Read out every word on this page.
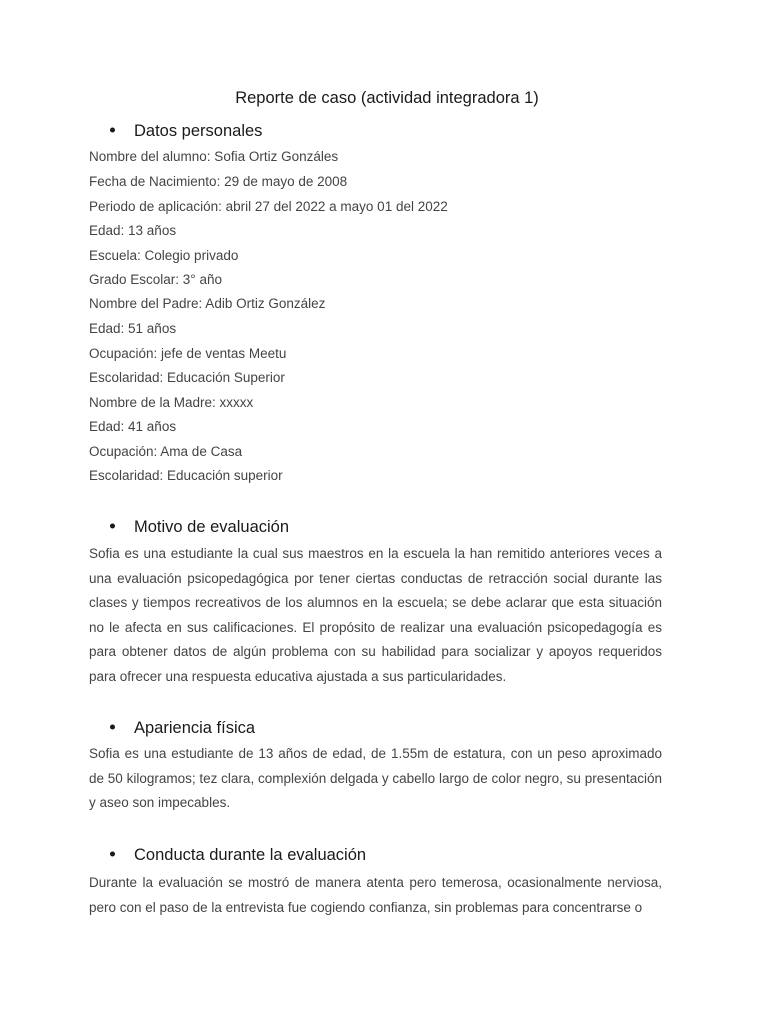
Reporte de caso (actividad integradora 1)
Datos personales
Nombre del alumno: Sofia Ortiz Gonzáles
Fecha de Nacimiento: 29 de mayo de 2008
Periodo de aplicación: abril 27 del 2022 a mayo 01 del 2022
Edad: 13 años
Escuela: Colegio privado
Grado Escolar: 3° año
Nombre del Padre: Adib Ortiz González
Edad: 51 años
Ocupación: jefe de ventas Meetu
Escolaridad: Educación Superior
Nombre de la Madre: xxxxx
Edad: 41 años
Ocupación: Ama de Casa
Escolaridad: Educación superior
Motivo de evaluación
Sofia es una estudiante la cual sus maestros en la escuela la han remitido anteriores veces a una evaluación psicopedagógica por tener ciertas conductas de retracción social durante las clases y tiempos recreativos de los alumnos en la escuela; se debe aclarar que esta situación no le afecta en sus calificaciones. El propósito de realizar una evaluación psicopedagogía es para obtener datos de algún problema con su habilidad para socializar y apoyos requeridos para ofrecer una respuesta educativa ajustada a sus particularidades.
Apariencia física
Sofia es una estudiante de 13 años de edad, de 1.55m de estatura, con un peso aproximado de 50 kilogramos; tez clara, complexión delgada y cabello largo de color negro, su presentación y aseo son impecables.
Conducta durante la evaluación
Durante la evaluación se mostró de manera atenta pero temerosa, ocasionalmente nerviosa, pero con el paso de la entrevista fue cogiendo confianza, sin problemas para concentrarse o
